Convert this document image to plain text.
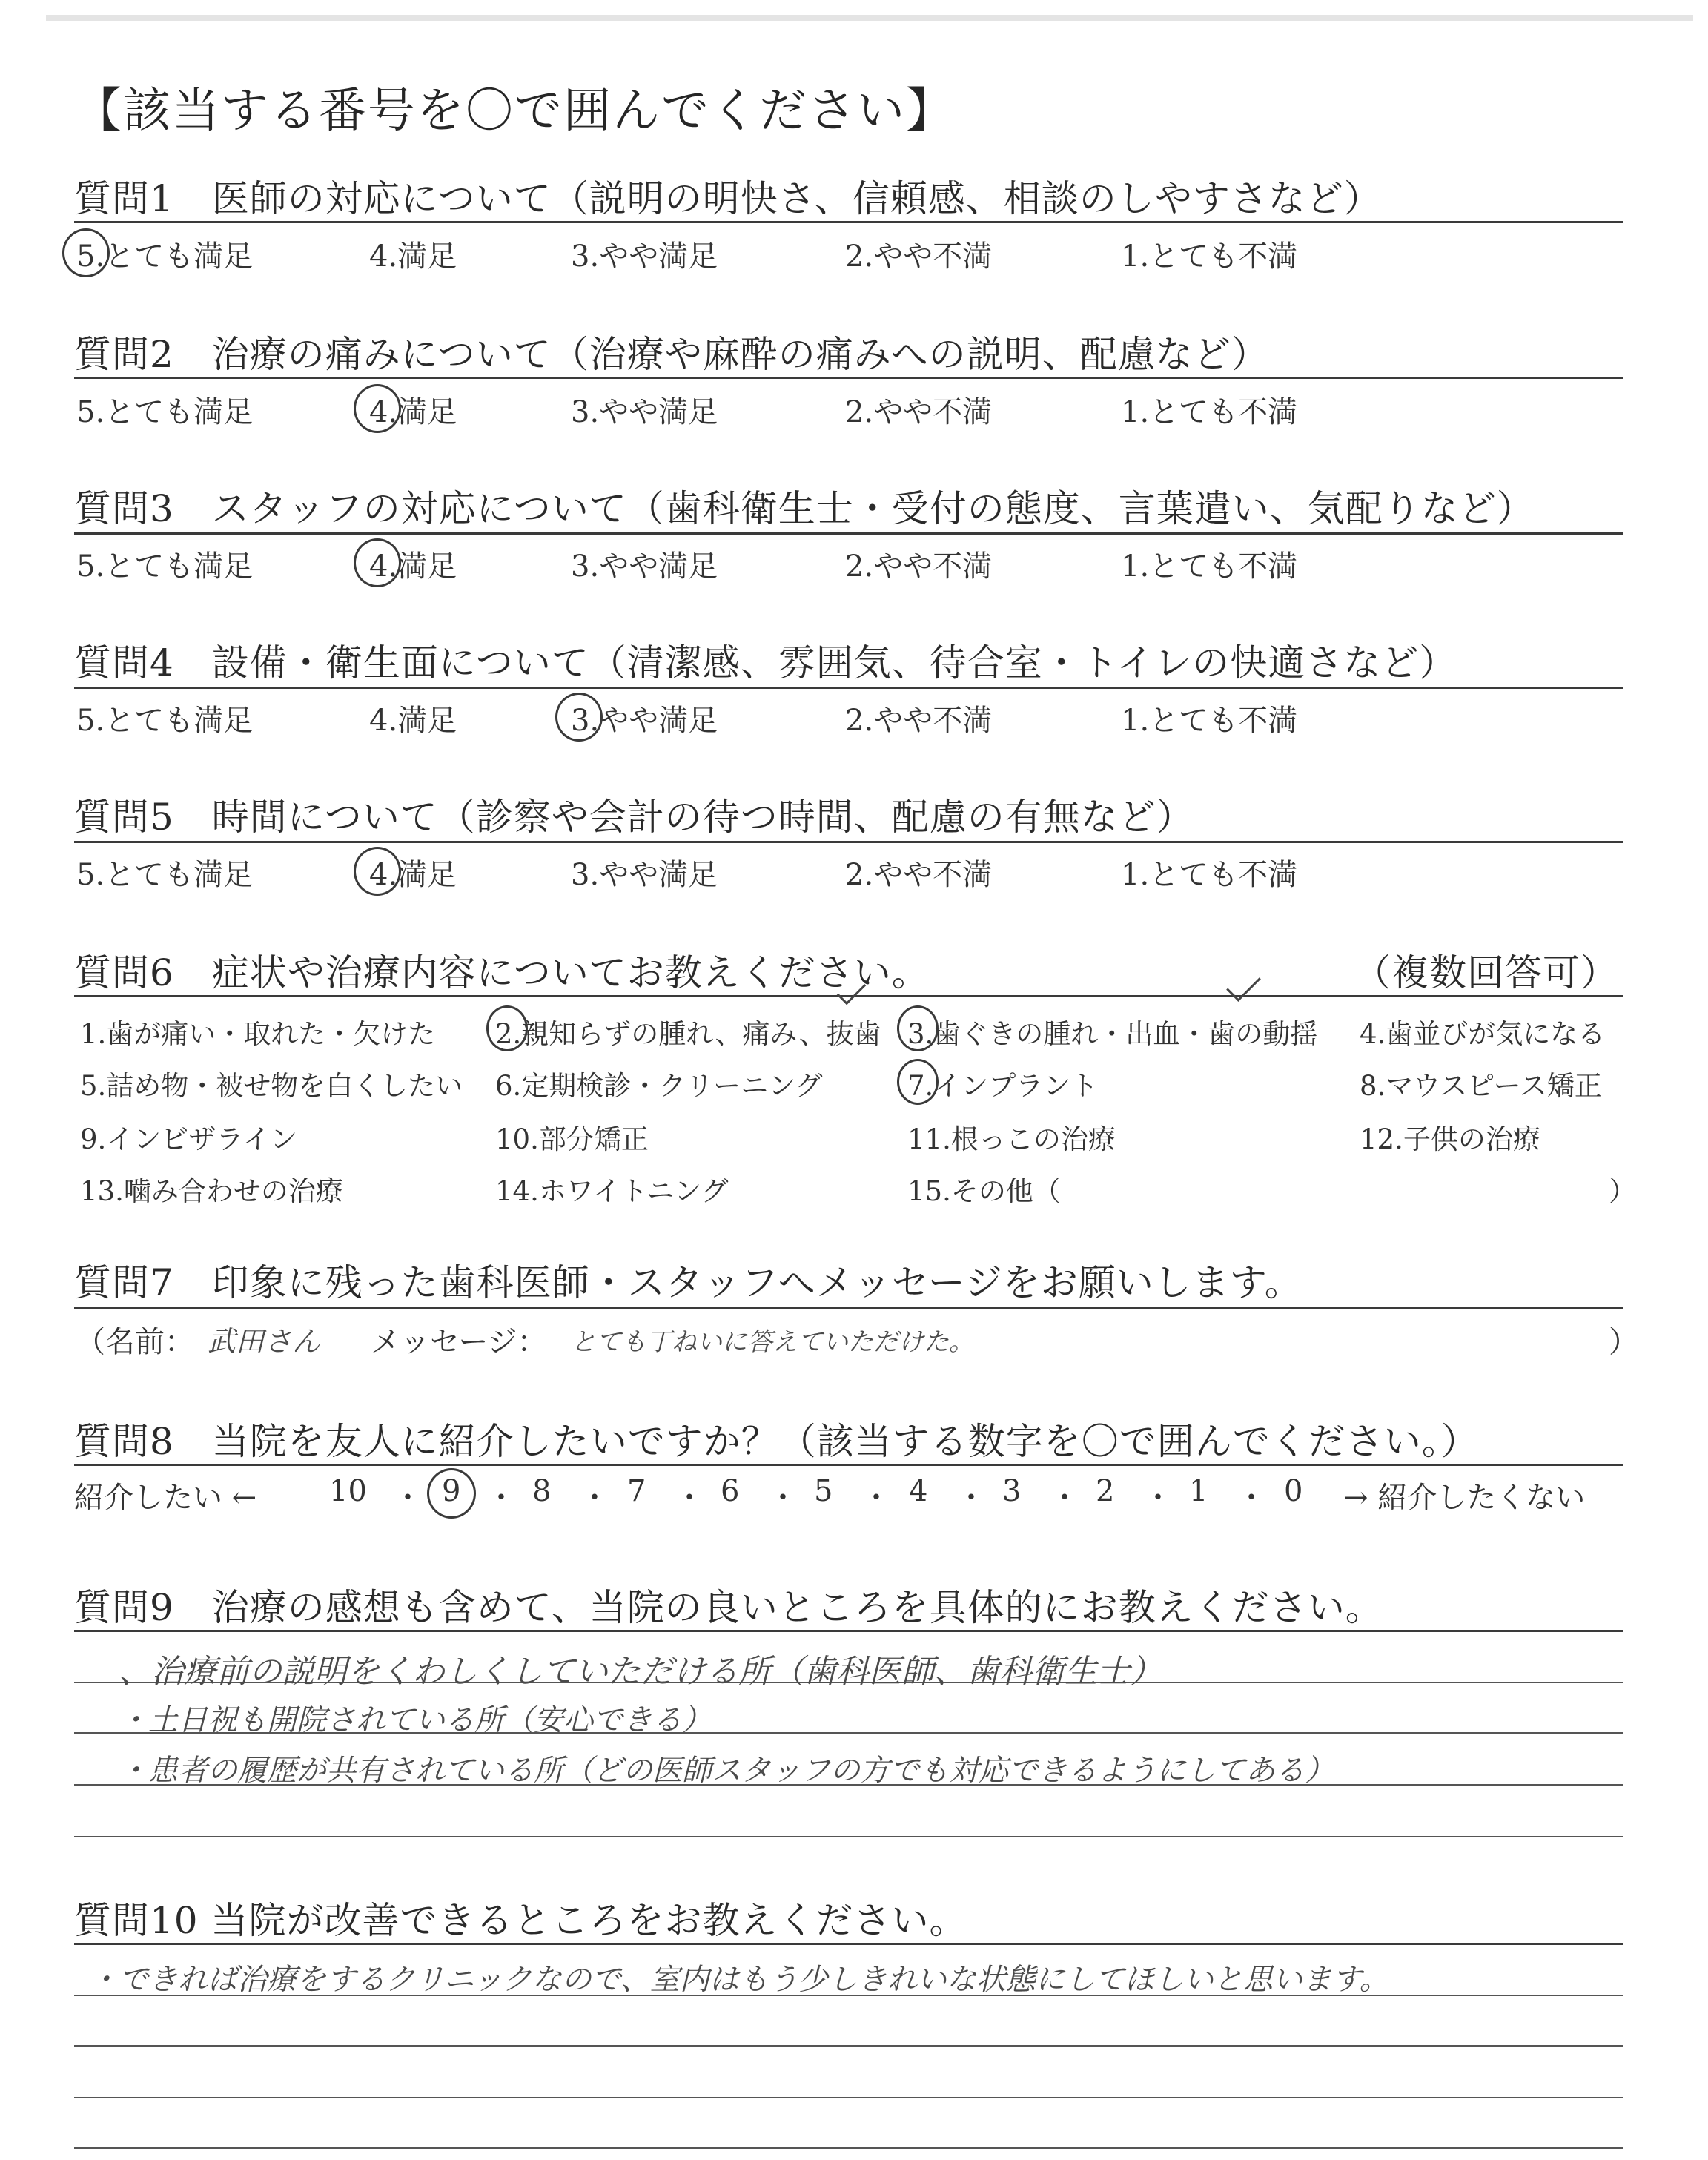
【該当する番号を〇で囲んでください】
質問1　医師の対応について（説明の明快さ、信頼感、相談のしやすさなど）
5.とても満足	4.満足	3.やや満足	2.やや不満	1.とても不満
質問2　治療の痛みについて（治療や麻酔の痛みへの説明、配慮など）
5.とても満足	4.満足	3.やや満足	2.やや不満	1.とても不満
質問3　スタッフの対応について（歯科衛生士・受付の態度、言葉遣い、気配りなど）
5.とても満足	4.満足	3.やや満足	2.やや不満	1.とても不満
質問4　設備・衛生面について（清潔感、雰囲気、待合室・トイレの快適さなど）
5.とても満足	4.満足	3.やや満足	2.やや不満	1.とても不満
質問5　時間について（診察や会計の待つ時間、配慮の有無など）
5.とても満足	4.満足	3.やや満足	2.やや不満	1.とても不満
質問6　症状や治療内容についてお教えください。	（複数回答可）
1.歯が痛い・取れた・欠けた 2.親知らずの腫れ、痛み、抜歯 3.歯ぐきの腫れ・出血・歯の動揺 4.歯並びが気になる
5.詰め物・被せ物を白くしたい 6.定期検診・クリーニング	7.インプラント	8.マウスピース矯正
9.インビザライン	10.部分矯正	11.根っこの治療	12.子供の治療
13.噛み合わせの治療	14.ホワイトニング	15.その他（	）
質問7　印象に残った歯科医師・スタッフへメッセージをお願いします。
（名前： 武田さん メッセージ： とても丁ねいに答えていただけた。	）
質問8　当院を友人に紹介したいですか？（該当する数字を〇で囲んでください。）
紹介したい ←	→ 紹介したくない
10	9 8	7	6	5	4	3	2	1	0
・ ・ ・ ・ ・ ・ ・ ・ ・ ・
質問9　治療の感想も含めて、当院の良いところを具体的にお教えください。
、治療前の説明をくわしくしていただける所（歯科医師、歯科衛生士）
・土日祝も開院されている所（安心できる）
・患者の履歴が共有されている所（どの医師スタッフの方でも対応できるようにしてある）
質問10 当院が改善できるところをお教えください。
・できれば治療をするクリニックなので、室内はもう少しきれいな状態にしてほしいと思います。
